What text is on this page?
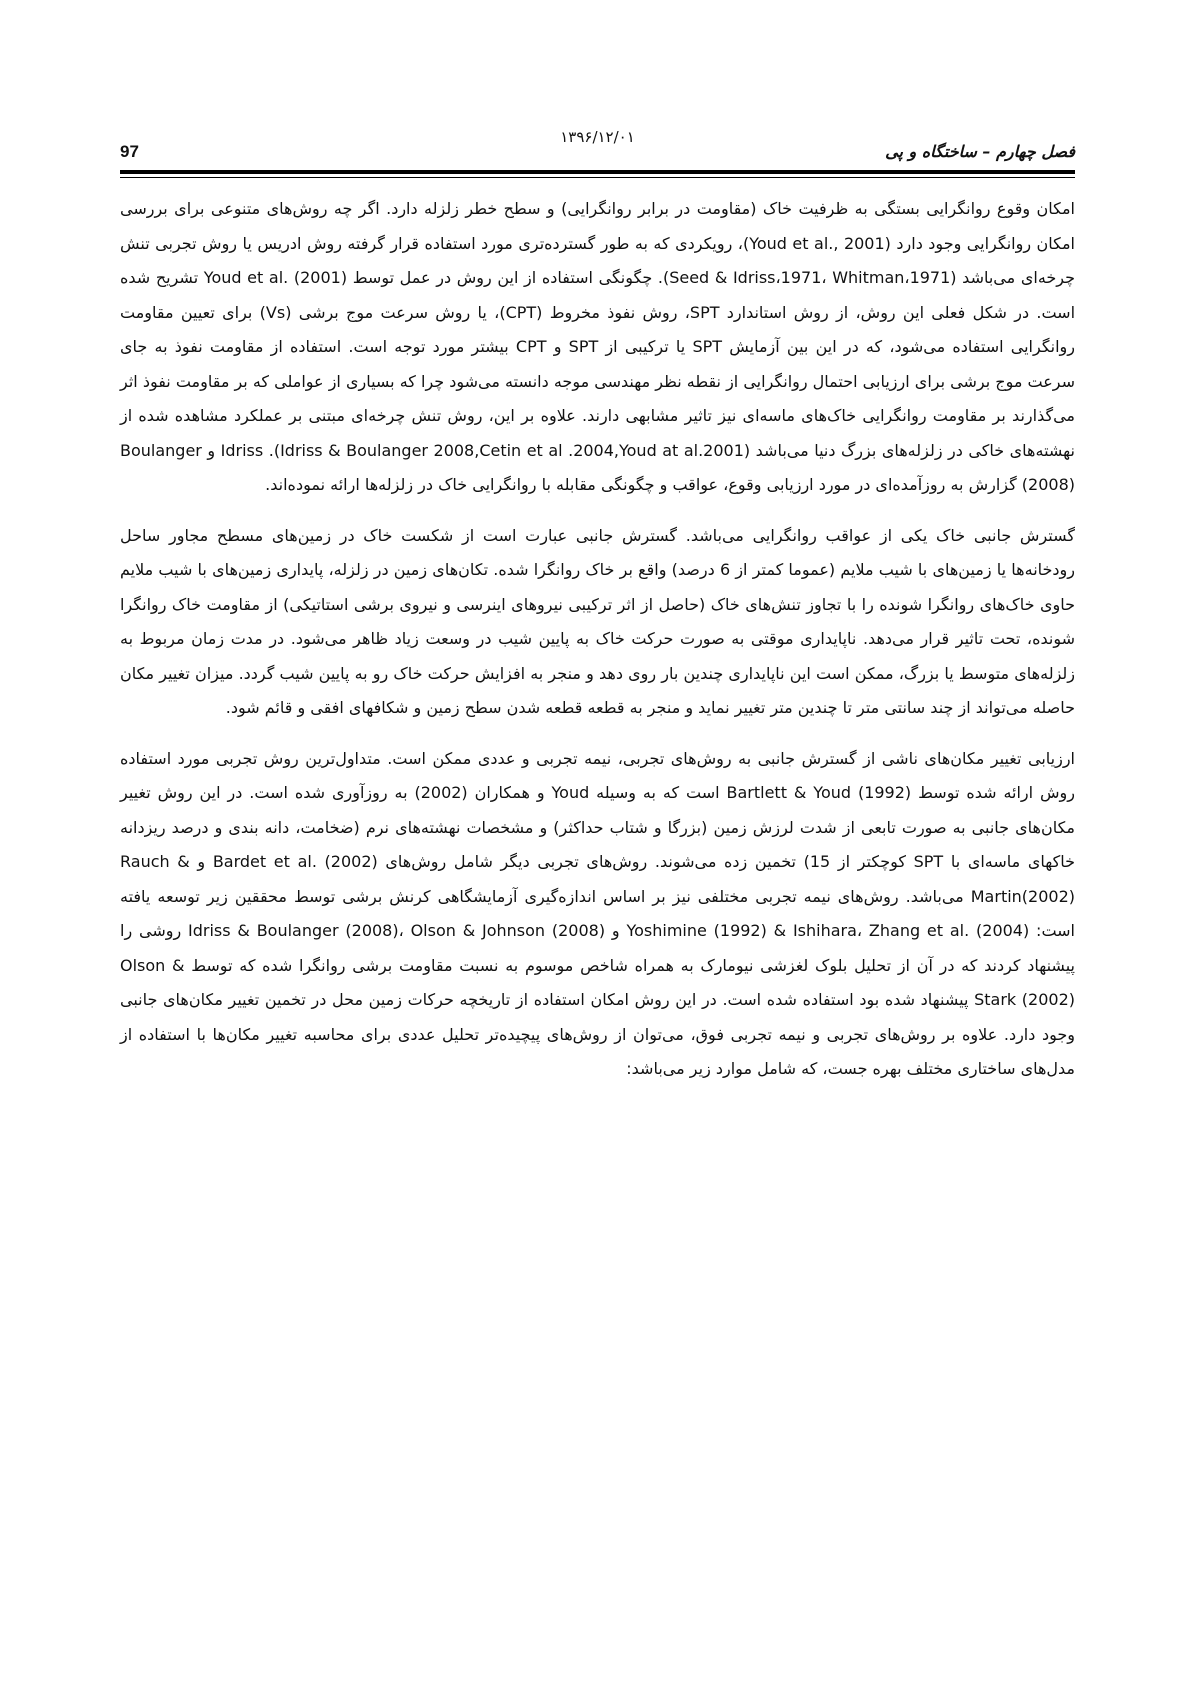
97
۱۳۹۶/۱۲/۰۱
فصل چهارم – ساختگاه و پی

امکان وقوع روانگرایی بستگی به ظرفیت خاک (مقاومت در برابر روانگرایی) و سطح خطر زلزله دارد. اگر چه روش‌های متنوعی برای بررسی امکان روانگرایی وجود دارد (Youd et al., 2001)، رویکردی که به طور گسترده‌تری مورد استفاده قرار گرفته روش ادریس یا روش تجربی تنش چرخه‌ای می‌باشد (Seed & Idriss،1971، Whitman،1971). چگونگی استفاده از این روش در عمل توسط Youd et al. (2001) تشریح شده است. در شکل فعلی این روش، از روش استاندارد SPT، روش نفوذ مخروط (CPT)، یا روش سرعت موج برشی (Vs) برای تعیین مقاومت روانگرایی استفاده می‌شود، که در این بین آزمایش SPT یا ترکیبی از SPT و CPT بیشتر مورد توجه است. استفاده از مقاومت نفوذ به جای سرعت موج برشی برای ارزیابی احتمال روانگرایی از نقطه نظر مهندسی موجه دانسته می‌شود چرا که بسیاری از عواملی که بر مقاومت نفوذ اثر می‌گذارند بر مقاومت روانگرایی خاک‌های ماسه‌ای نیز تاثیر مشابهی دارند. علاوه بر این، روش تنش چرخه‌ای مبتنی بر عملکرد مشاهده شده از نهشته‌های خاکی در زلزله‌های بزرگ دنیا می‌باشد (Idriss & Boulanger 2008,Cetin et al .2004,Youd at al.2001). Idriss و Boulanger (2008) گزارش به روزآمده‌ای در مورد ارزیابی وقوع، عواقب و چگونگی مقابله با روانگرایی خاک در زلزله‌ها ارائه نموده‌اند.

گسترش جانبی خاک یکی از عواقب روانگرایی می‌باشد. گسترش جانبی عبارت است از شکست خاک در زمین‌های مسطح مجاور ساحل رودخانه‌ها یا زمین‌های با شیب ملایم (عموما کمتر از 6 درصد) واقع بر خاک روانگرا شده. تکان‌های زمین در زلزله، پایداری زمین‌های با شیب ملایم حاوی خاک‌های روانگرا شونده را با تجاوز تنش‌های خاک (حاصل از اثر ترکیبی نیروهای اینرسی و نیروی برشی استاتیکی) از مقاومت خاک روانگرا شونده، تحت تاثیر قرار می‌دهد. ناپایداری موقتی به صورت حرکت خاک به پایین شیب در وسعت زیاد ظاهر می‌شود. در مدت زمان مربوط به زلزله‌های متوسط یا بزرگ، ممکن است این ناپایداری چندین بار روی دهد و منجر به افزایش حرکت خاک رو به پایین شیب گردد. میزان تغییر مکان حاصله می‌تواند از چند سانتی متر تا چندین متر تغییر نماید و منجر به قطعه قطعه شدن سطح زمین و شکافهای افقی و قائم شود.

ارزیابی تغییر مکان‌های ناشی از گسترش جانبی به روش‌های تجربی، نیمه تجربی و عددی ممکن است. متداول‌ترین روش تجربی مورد استفاده روش ارائه شده توسط Bartlett & Youd (1992) است که به وسیله Youd و همکاران (2002) به روزآوری شده است. در این روش تغییر مکان‌های جانبی به صورت تابعی از شدت لرزش زمین (بزرگا و شتاب حداکثر) و مشخصات نهشته‌های نرم (ضخامت، دانه بندی و درصد ریزدانه خاکهای ماسه‌ای با SPT کوچکتر از 15) تخمین زده می‌شوند. روش‌های تجربی دیگر شامل روش‌های Bardet et al. (2002) و Rauch & Martin(2002) می‌باشد. روش‌های نیمه تجربی مختلفی نیز بر اساس اندازه‌گیری آزمایشگاهی کرنش برشی توسط محققین زیر توسعه یافته است: Yoshimine (1992) & Ishihara، Zhang et al. (2004) و Idriss & Boulanger (2008)، Olson & Johnson (2008) روشی را پیشنهاد کردند که در آن از تحلیل بلوک لغزشی نیومارک به همراه شاخص موسوم به نسبت مقاومت برشی روانگرا شده که توسط Olson & Stark (2002) پیشنهاد شده بود استفاده شده است. در این روش امکان استفاده از تاریخچه حرکات زمین محل در تخمین تغییر مکان‌های جانبی وجود دارد. علاوه بر روش‌های تجربی و نیمه تجربی فوق، می‌توان از روش‌های پیچیده‌تر تحلیل عددی برای محاسبه تغییر مکان‌ها با استفاده از مدل‌های ساختاری مختلف بهره جست، که شامل موارد زیر می‌باشد:
